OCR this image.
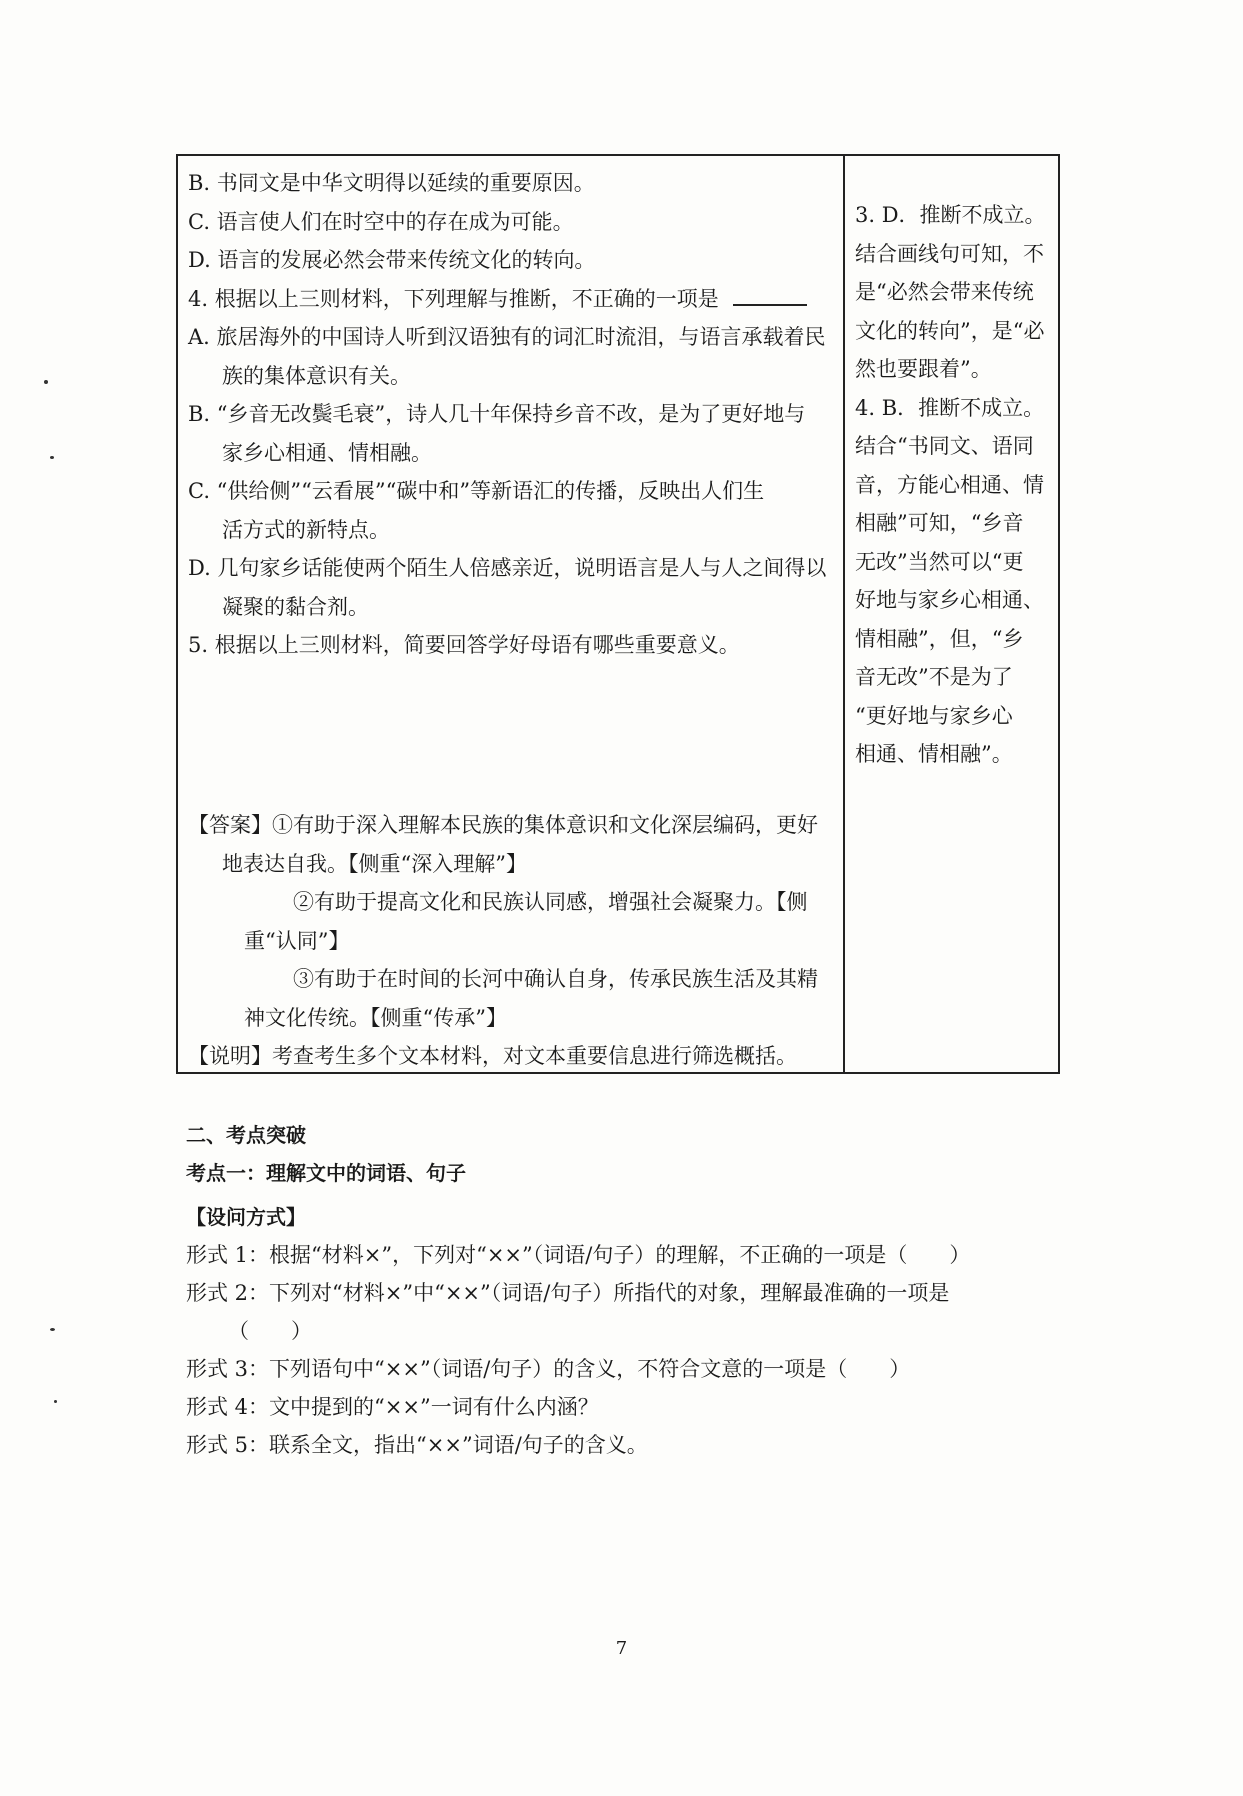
B. 书同文是中华文明得以延续的重要原因。
C. 语言使人们在时空中的存在成为可能。
D. 语言的发展必然会带来传统文化的转向。
4. 根据以上三则材料，下列理解与推断，不正确的一项是
A. 旅居海外的中国诗人听到汉语独有的词汇时流泪，与语言承载着民
族的集体意识有关。
B. “乡音无改鬓毛衰”，诗人几十年保持乡音不改，是为了更好地与
家乡心相通、情相融。
C. “供给侧”“云看展”“碳中和”等新语汇的传播，反映出人们生
活方式的新特点。
D. 几句家乡话能使两个陌生人倍感亲近，说明语言是人与人之间得以
凝聚的黏合剂。
5. 根据以上三则材料，简要回答学好母语有哪些重要意义。
【答案】①有助于深入理解本民族的集体意识和文化深层编码，更好
地表达自我。【侧重“深入理解”】
②有助于提高文化和民族认同感，增强社会凝聚力。【侧
重“认同”】
③有助于在时间的长河中确认自身，传承民族生活及其精
神文化传统。【侧重“传承”】
【说明】考查考生多个文本材料，对文本重要信息进行筛选概括。
3. D．推断不成立。
结合画线句可知，不
是“必然会带来传统
文化的转向”，是“必
然也要跟着”。
4. B．推断不成立。
结合“书同文、语同
音，方能心相通、情
相融”可知，“乡音
无改”当然可以“更
好地与家乡心相通、
情相融”，但，“乡
音无改”不是为了
“更好地与家乡心
相通、情相融”。
二、考点突破
考点一：理解文中的词语、句子
【设问方式】
形式 1：根据“材料×”，下列对“××”（词语/句子）的理解，不正确的一项是（　　）
形式 2：下列对“材料×”中“××”（词语/句子）所指代的对象，理解最准确的一项是
（　　）
形式 3：下列语句中“××”（词语/句子）的含义，不符合文意的一项是（　　）
形式 4：文中提到的“××”一词有什么内涵？
形式 5：联系全文，指出“××”词语/句子的含义。
7
